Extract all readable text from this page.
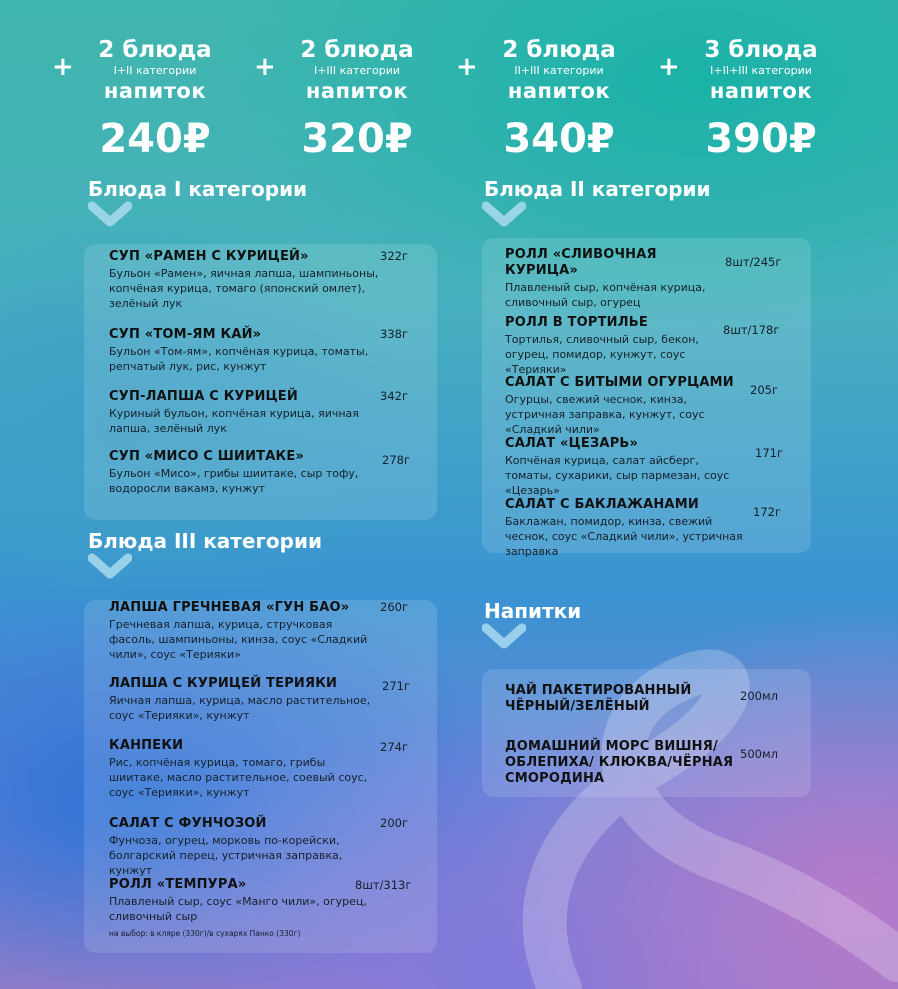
+
2 блюда
I+II категории
напиток
240₽
+
2 блюда
I+III категории
напиток
320₽
+
2 блюда
II+III категории
напиток
340₽
+
3 блюда
I+II+III категории
напиток
390₽
Блюда I категории
СУП «РАМЕН С КУРИЦЕЙ»
Бульон «Рамен», яичная лапша, шампиньоны, копчёная курица, томаго (японский омлет), зелёный лук
322г
СУП «ТОМ-ЯМ КАЙ»
Бульон «Том-ям», копчёная курица, томаты, репчатый лук, рис, кунжут
338г
СУП-ЛАПША С КУРИЦЕЙ
Куриный бульон, копчёная курица, яичная лапша, зелёный лук
342г
СУП «МИСО С ШИИТАКЕ»
Бульон «Мисо», грибы шиитаке, сыр тофу, водоросли вакамэ, кунжут
278г
Блюда II категории
РОЛЛ «СЛИВОЧНАЯ КУРИЦА»
Плавленый сыр, копчёная курица, сливочный сыр, огурец
8шт/245г
РОЛЛ В ТОРТИЛЬЕ
Тортилья, сливочный сыр, бекон, огурец, помидор, кунжут, соус «Терияки»
8шт/178г
САЛАТ С БИТЫМИ ОГУРЦАМИ
Огурцы, свежий чеснок, кинза, устричная заправка, кунжут, соус «Сладкий чили»
205г
САЛАТ «ЦЕЗАРЬ»
Копчёная курица, салат айсберг, томаты, сухарики, сыр пармезан, соус «Цезарь»
171г
САЛАТ С БАКЛАЖАНАМИ
Баклажан, помидор, кинза, свежий чеснок, соус «Сладкий чили», устричная заправка
172г
Блюда III категории
ЛАПША ГРЕЧНЕВАЯ «ГУН БАО»
Гречневая лапша, курица, стручковая фасоль, шампиньоны, кинза, соус «Сладкий чили», соус «Терияки»
260г
ЛАПША С КУРИЦЕЙ ТЕРИЯКИ
Яичная лапша, курица, масло растительное, соус «Терияки», кунжут
271г
КАНПЕКИ
Рис, копчёная курица, томаго, грибы шиитаке, масло растительное, соевый соус, соус «Терияки», кунжут
274г
САЛАТ С ФУНЧОЗОЙ
Фунчоза, огурец, морковь по-корейски, болгарский перец, устричная заправка, кунжут
200г
РОЛЛ «ТЕМПУРА»
Плавленый сыр, соус «Манго чили», огурец, сливочный сыр
на выбор: в кляре (330г)/в сухарях Панко (330г)
8шт/313г
Напитки
ЧАЙ ПАКЕТИРОВАННЫЙ ЧЁРНЫЙ/ЗЕЛЁНЫЙ
200мл
ДОМАШНИЙ МОРС ВИШНЯ/ОБЛЕПИХА/ КЛЮКВА/ЧЁРНАЯ СМОРОДИНА
500мл
